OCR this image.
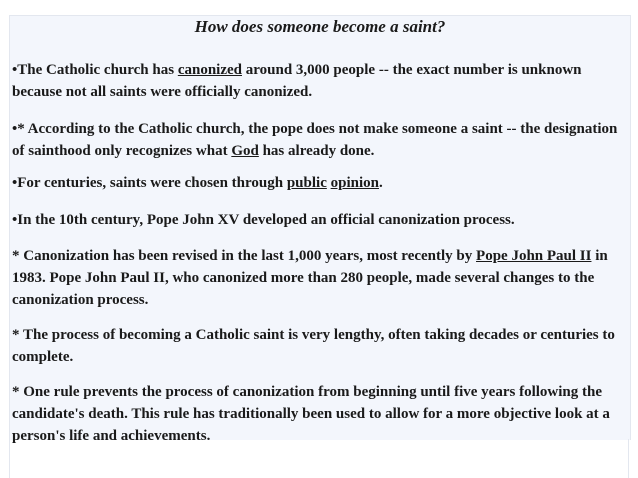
How does someone become a saint?

•The Catholic church has canonized around 3,000 people -- the exact number is unknown because not all saints were officially canonized.

•* According to the Catholic church, the pope does not make someone a saint -- the designation of sainthood only recognizes what God has already done.

•For centuries, saints were chosen through public opinion.

•In the 10th century, Pope John XV developed an official canonization process.

* Canonization has been revised in the last 1,000 years, most recently by Pope John Paul II in 1983. Pope John Paul II, who canonized more than 280 people, made several changes to the canonization process.

* The process of becoming a Catholic saint is very lengthy, often taking decades or centuries to complete.

* One rule prevents the process of canonization from beginning until five years following the candidate's death. This rule has traditionally been used to allow for a more objective look at a person's life and achievements.
